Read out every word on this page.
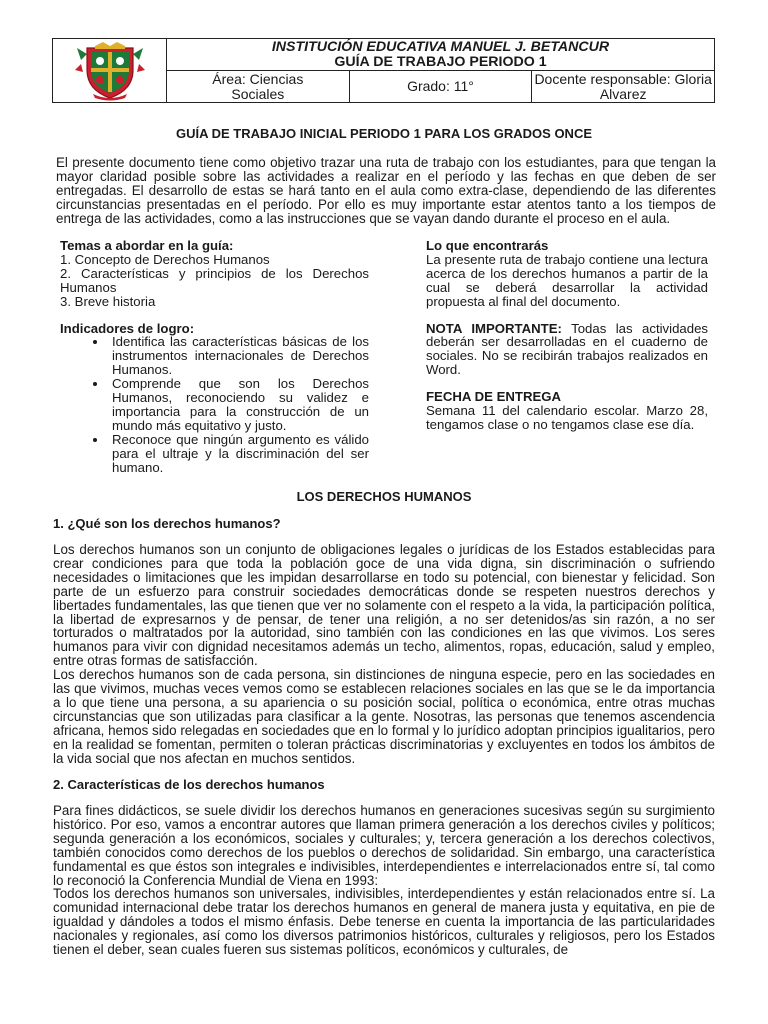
INSTITUCIÓN EDUCATIVA MANUEL J. BETANCUR
GUÍA DE TRABAJO PERIODO 1		

	Área: Ciencias Sociales	Grado: 11°	Docente responsable: Gloria Alvarez
GUÍA DE TRABAJO INICIAL PERIODO 1 PARA LOS GRADOS ONCE

El presente documento tiene como objetivo trazar una ruta de trabajo con los estudiantes, para que tengan la mayor claridad posible sobre las actividades a realizar en el período y las fechas en que deben de ser entregadas. El desarrollo de estas se hará tanto en el aula como extra-clase, dependiendo de las diferentes circunstancias presentadas en el período. Por ello es muy importante estar atentos tanto a los tiempos de entrega de las actividades, como a las instrucciones que se vayan dando durante el proceso en el aula.

Temas a abordar en la guía:

1. Concepto de Derechos Humanos

2. Características y principios de los Derechos Humanos

3. Breve historia

Indicadores de logro:

• Identifica las características básicas de los instrumentos internacionales de Derechos Humanos.
• Comprende que son los Derechos Humanos, reconociendo su validez e importancia para la construcción de un mundo más equitativo y justo.
• Reconoce que ningún argumento es válido para el ultraje y la discriminación del ser humano.

Lo que encontrarás

La presente ruta de trabajo contiene una lectura acerca de los derechos humanos a partir de la cual se deberá desarrollar la actividad propuesta al final del documento.

NOTA IMPORTANTE: Todas las actividades deberán ser desarrolladas en el cuaderno de sociales. No se recibirán trabajos realizados en Word.

FECHA DE ENTREGA

Semana 11 del calendario escolar. Marzo 28, tengamos clase o no tengamos clase ese día.

LOS DERECHOS HUMANOS
1. ¿Qué son los derechos humanos?

Los derechos humanos son un conjunto de obligaciones legales o jurídicas de los Estados establecidas para crear condiciones para que toda la población goce de una vida digna, sin discriminación o sufriendo necesidades o limitaciones que les impidan desarrollarse en todo su potencial, con bienestar y felicidad. Son parte de un esfuerzo para construir sociedades democráticas donde se respeten nuestros derechos y libertades fundamentales, las que tienen que ver no solamente con el respeto a la vida, la participación política, la libertad de expresarnos y de pensar, de tener una religión, a no ser detenidos/as sin razón, a no ser torturados o maltratados por la autoridad, sino también con las condiciones en las que vivimos. Los seres humanos para vivir con dignidad necesitamos además un techo, alimentos, ropas, educación, salud y empleo, entre otras formas de satisfacción.

Los derechos humanos son de cada persona, sin distinciones de ninguna especie, pero en las sociedades en las que vivimos, muchas veces vemos como se establecen relaciones sociales en las que se le da importancia a lo que tiene una persona, a su apariencia o su posición social, política o económica, entre otras muchas circunstancias que son utilizadas para clasificar a la gente. Nosotras, las personas que tenemos ascendencia africana, hemos sido relegadas en sociedades que en lo formal y lo jurídico adoptan principios igualitarios, pero en la realidad se fomentan, permiten o toleran prácticas discriminatorias y excluyentes en todos los ámbitos de la vida social que nos afectan en muchos sentidos.

2. Características de los derechos humanos

Para fines didácticos, se suele dividir los derechos humanos en generaciones sucesivas según su surgimiento histórico. Por eso, vamos a encontrar autores que llaman primera generación a los derechos civiles y políticos; segunda generación a los económicos, sociales y culturales; y, tercera generación a los derechos colectivos, también conocidos como derechos de los pueblos o derechos de solidaridad. Sin embargo, una característica fundamental es que éstos son integrales e indivisibles, interdependientes e interrelacionados entre sí, tal como lo reconoció la Conferencia Mundial de Viena en 1993:

Todos los derechos humanos son universales, indivisibles, interdependientes y están relacionados entre sí. La comunidad internacional debe tratar los derechos humanos en general de manera justa y equitativa, en pie de igualdad y dándoles a todos el mismo énfasis. Debe tenerse en cuenta la importancia de las particularidades nacionales y regionales, así como los diversos patrimonios históricos, culturales y religiosos, pero los Estados tienen el deber, sean cuales fueren sus sistemas políticos, económicos y culturales, de
